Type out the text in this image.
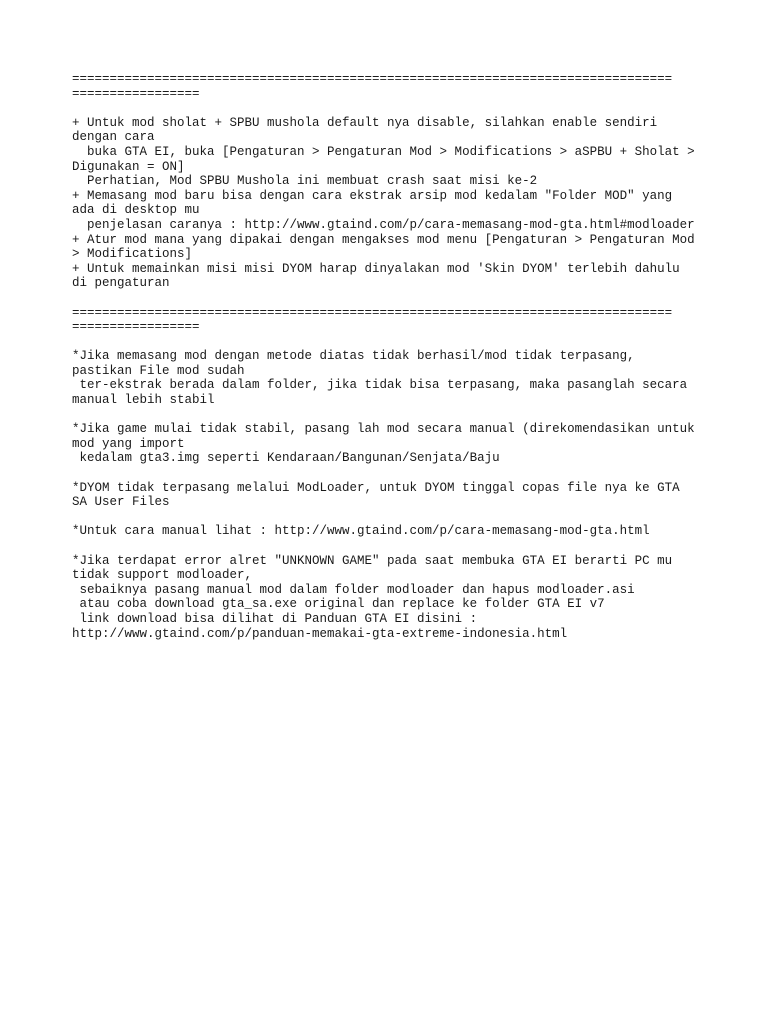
================================================================================
=================
+ Untuk mod sholat + SPBU mushola default nya disable, silahkan enable sendiri
dengan cara
buka GTA EI, buka [Pengaturan > Pengaturan Mod > Modifications > aSPBU + Sholat >
Digunakan = ON]
Perhatian, Mod SPBU Mushola ini membuat crash saat misi ke-2
+ Memasang mod baru bisa dengan cara ekstrak arsip mod kedalam "Folder MOD" yang
ada di desktop mu
penjelasan caranya : http://www.gtaind.com/p/cara-memasang-mod-gta.html#modloader
+ Atur mod mana yang dipakai dengan mengakses mod menu [Pengaturan > Pengaturan Mod
> Modifications]
+ Untuk memainkan misi misi DYOM harap dinyalakan mod 'Skin DYOM' terlebih dahulu
di pengaturan
================================================================================
=================
*Jika memasang mod dengan metode diatas tidak berhasil/mod tidak terpasang,
pastikan File mod sudah
ter-ekstrak berada dalam folder, jika tidak bisa terpasang, maka pasanglah secara
manual lebih stabil
*Jika game mulai tidak stabil, pasang lah mod secara manual (direkomendasikan untuk
mod yang import
kedalam gta3.img seperti Kendaraan/Bangunan/Senjata/Baju
*DYOM tidak terpasang melalui ModLoader, untuk DYOM tinggal copas file nya ke GTA
SA User Files
*Untuk cara manual lihat : http://www.gtaind.com/p/cara-memasang-mod-gta.html
*Jika terdapat error alret "UNKNOWN GAME" pada saat membuka GTA EI berarti PC mu
tidak support modloader,
sebaiknya pasang manual mod dalam folder modloader dan hapus modloader.asi
atau coba download gta_sa.exe original dan replace ke folder GTA EI v7
link download bisa dilihat di Panduan GTA EI disini :
http://www.gtaind.com/p/panduan-memakai-gta-extreme-indonesia.html
